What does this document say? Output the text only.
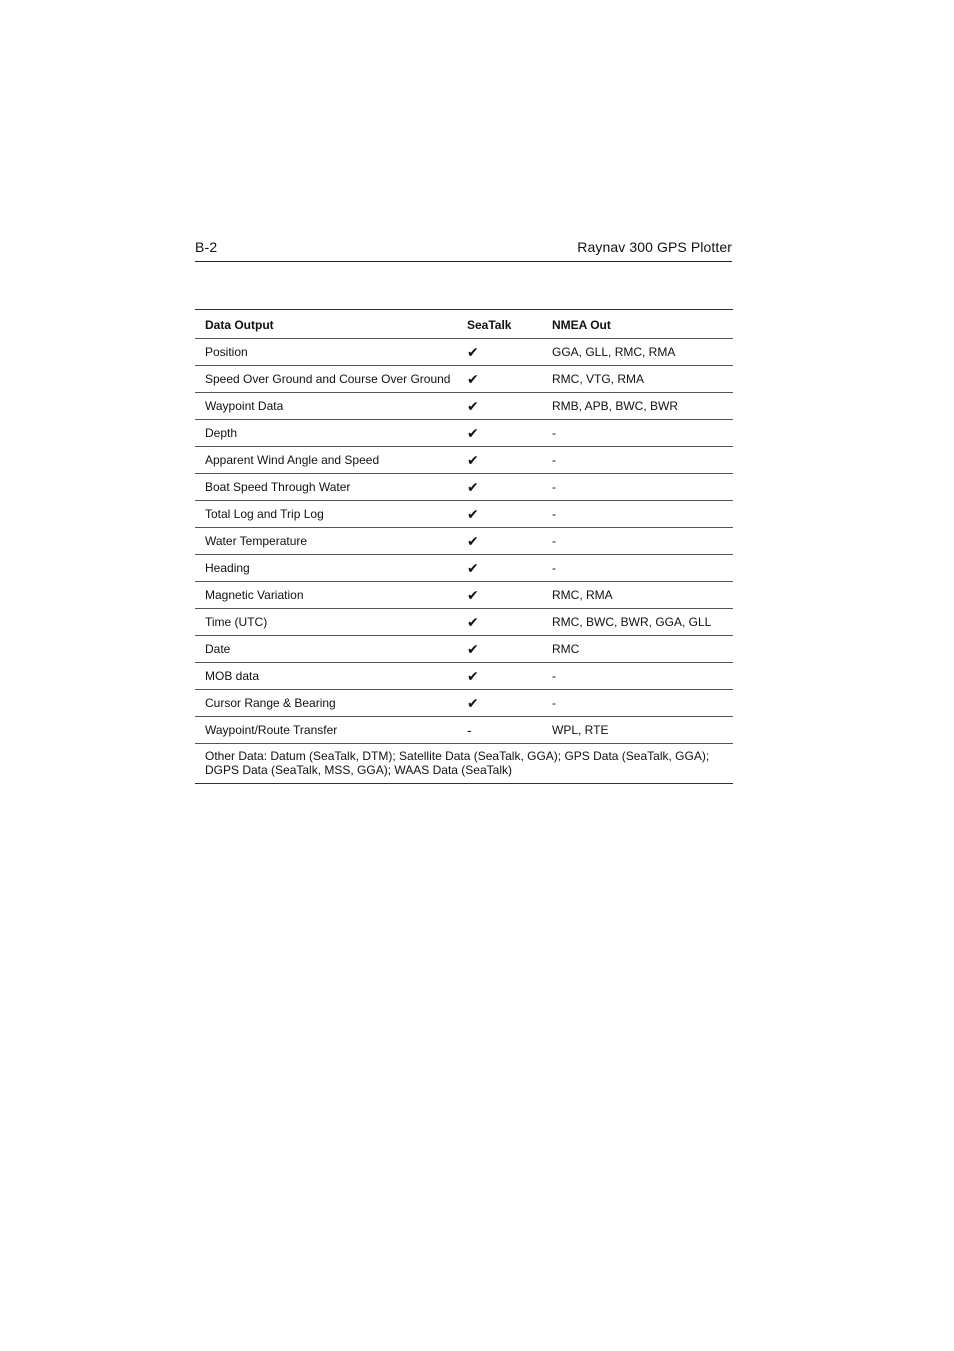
B-2	Raynav 300 GPS Plotter
Data Output	SeaTalk	NMEA Out
Position	✔	GGA, GLL, RMC, RMA
Speed Over Ground and Course Over Ground	✔	RMC, VTG, RMA
Waypoint Data	✔	RMB, APB, BWC, BWR
Depth	✔	-
Apparent Wind Angle and Speed	✔	-
Boat Speed Through Water	✔	-
Total Log and Trip Log	✔	-
Water Temperature	✔	-
Heading	✔	-
Magnetic Variation	✔	RMC, RMA
Time (UTC)	✔	RMC, BWC, BWR, GGA, GLL
Date	✔	RMC
MOB data	✔	-
Cursor Range & Bearing	✔	-
Waypoint/Route Transfer	-	WPL, RTE
Other Data: Datum (SeaTalk, DTM); Satellite Data (SeaTalk, GGA); GPS Data (SeaTalk, GGA); DGPS Data (SeaTalk, MSS, GGA); WAAS Data (SeaTalk)		
